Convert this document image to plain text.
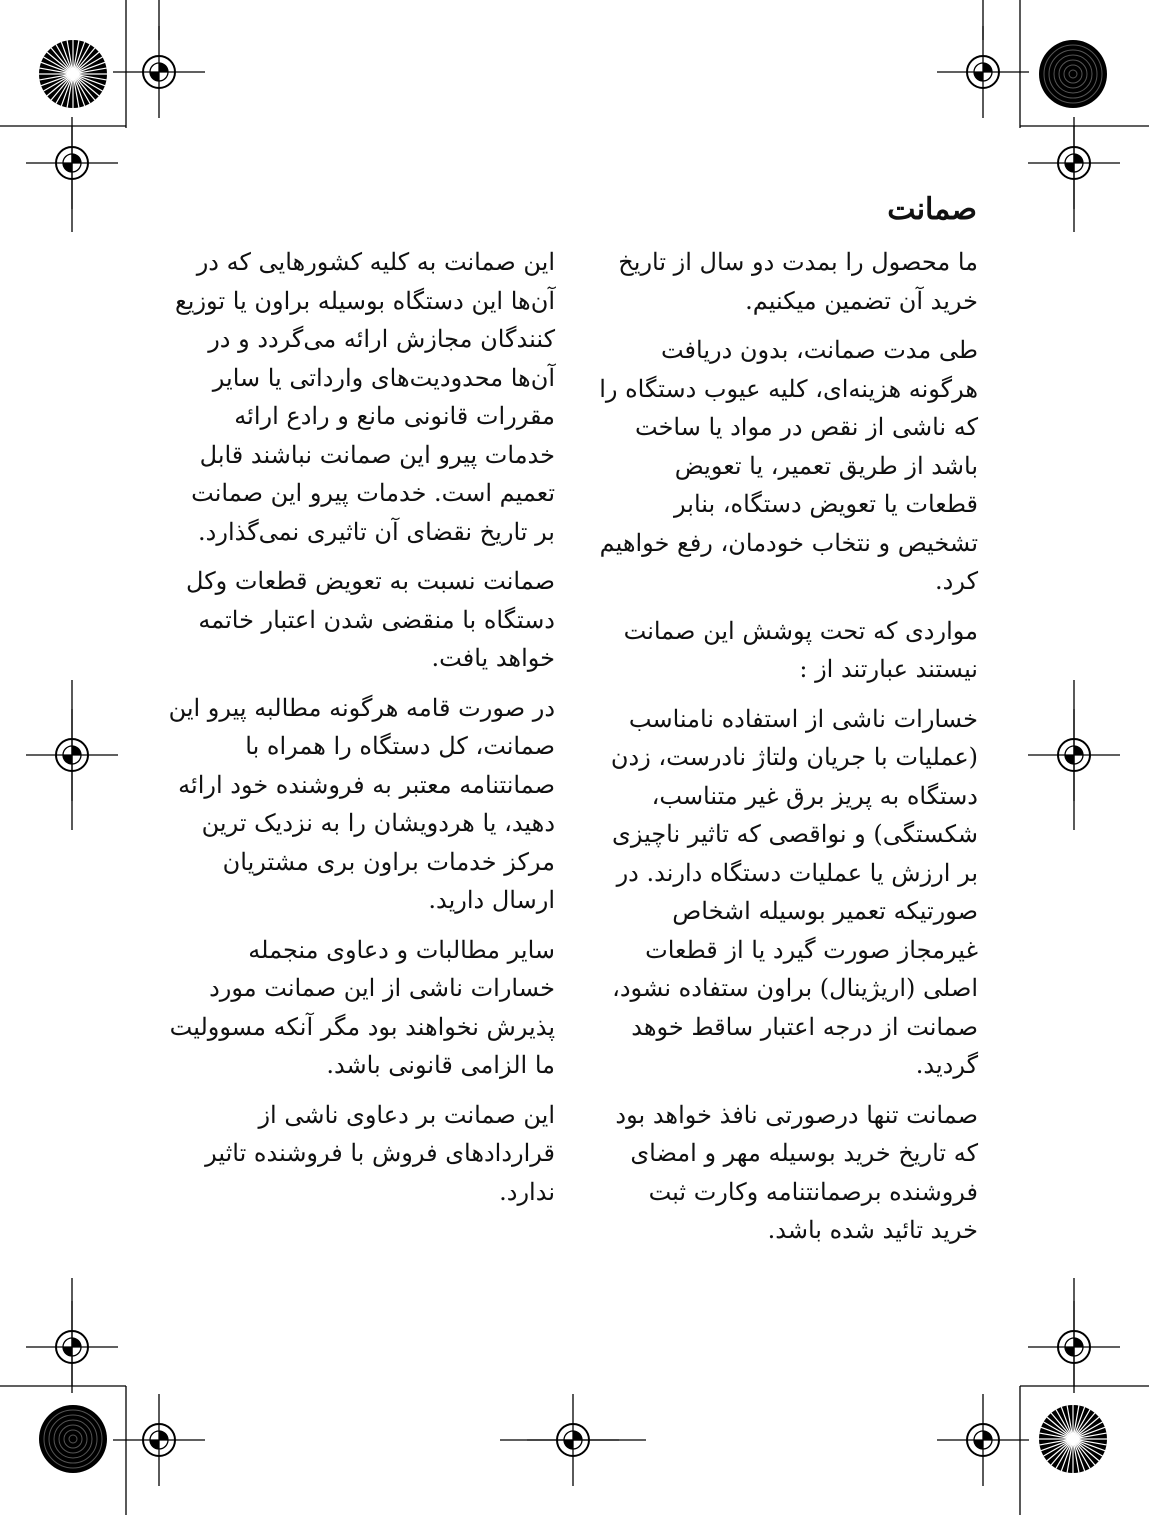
صمانت

ما محصول را بمدت دو سال از تاریخ خرید آن تضمین میکنیم.

طی مدت صمانت، بدون دریافت هرگونه هزینه‌ای، کلیه عیوب دستگاه را که ناشی از نقص در مواد یا ساخت باشد از طریق تعمیر، یا تعویض قطعات یا تعویض دستگاه، بنابر تشخیص و نتخاب خودمان، رفع خواهیم کرد.

مواردی که تحت پوشش این صمانت نیستند عبارتند از :

خسارات ناشی از استفاده نامناسب (عملیات با جریان ولتاژ نادرست، زدن دستگاه به پریز برق غیر متناسب، شکستگی) و نواقصی که تاثیر ناچیزی بر ارزش یا عملیات دستگاه دارند. در صورتیکه تعمیر بوسیله اشخاص غیرمجاز صورت گیرد یا از قطعات اصلی (اریژینال) براون ستفاده نشود، صمانت از درجه اعتبار ساقط خوهد گردید.

صمانت تنها درصورتی نافذ خواهد بود که تاریخ خرید بوسیله مهر و امضای فروشنده برصمانتنامه وکارت ثبت خرید تائید شده باشد.

این صمانت به کلیه کشورهایی که در آن‌ها این دستگاه بوسیله براون یا توزیع کنندگان مجازش ارائه می‌گردد و در آن‌ها محدودیت‌های وارداتی یا سایر مقررات قانونی مانع و رادع ارائه خدمات پیرو این صمانت نباشند قابل تعمیم است. خدمات پیرو این صمانت بر تاریخ نقضای آن تاثیری نمی‌گذارد.

صمانت نسبت به تعویض قطعات وکل دستگاه با منقضی شدن اعتبار خاتمه خواهد یافت.

در صورت قامه هرگونه مطالبه پیرو این صمانت، کل دستگاه را همراه با صمانتنامه معتبر به فروشنده خود ارائه دهید، یا هردویشان را به نزدیک ترین مرکز خدمات براون بری مشتریان ارسال دارید.

سایر مطالبات و دعاوی منجمله خسارات ناشی از این صمانت مورد پذیرش نخواهند بود مگر آنکه مسوولیت ما الزامی قانونی باشد.

این صمانت بر دعاوی ناشی از قراردادهای فروش با فروشنده تاثیر ندارد.
